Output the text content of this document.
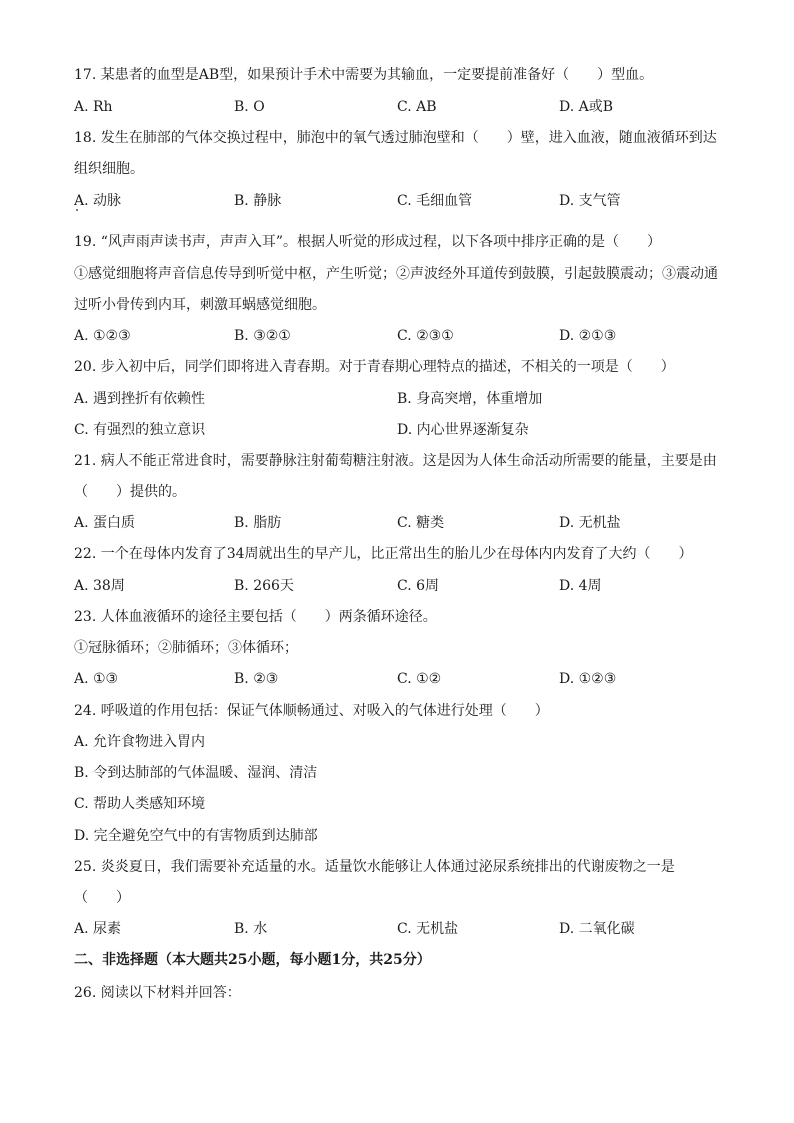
17. 某患者的血型是AB型，如果预计手术中需要为其输血，一定要提前准备好（　　）型血。
A. Rh	B. O	C. AB	D. A或B
18. 发生在肺部的气体交换过程中，肺泡中的氧气透过肺泡壁和（　　）壁，进入血液，随血液循环到达
组织细胞。
A. 动脉	B. 静脉	C. 毛细血管	D. 支气管
19. “风声雨声读书声，声声入耳”。根据人听觉的形成过程，以下各项中排序正确的是（　　）
①感觉细胞将声音信息传导到听觉中枢，产生听觉；②声波经外耳道传到鼓膜，引起鼓膜震动；③震动通
过听小骨传到内耳，刺激耳蜗感觉细胞。
A. ①②③	B. ③②①	C. ②③①	D. ②①③
20. 步入初中后，同学们即将进入青春期。对于青春期心理特点的描述，不相关的一项是（　　）
A. 遇到挫折有依赖性	B. 身高突增，体重增加
C. 有强烈的独立意识	D. 内心世界逐渐复杂
21. 病人不能正常进食时，需要静脉注射葡萄糖注射液。这是因为人体生命活动所需要的能量，主要是由
（　　）提供的。
A. 蛋白质	B. 脂肪	C. 糖类	D. 无机盐
22. 一个在母体内发育了34周就出生的早产儿，比正常出生的胎儿少在母体内内发育了大约（　　）
A. 38周	B. 266天	C. 6周	D. 4周
23. 人体血液循环的途径主要包括（　　）两条循环途径。
①冠脉循环；②肺循环；③体循环；
A. ①③	B. ②③	C. ①②	D. ①②③
24. 呼吸道的作用包括：保证气体顺畅通过、对吸入的气体进行处理（　　）
A. 允许食物进入胃内
B. 令到达肺部的气体温暖、湿润、清洁
C. 帮助人类感知环境
D. 完全避免空气中的有害物质到达肺部
25. 炎炎夏日，我们需要补充适量的水。适量饮水能够让人体通过泌尿系统排出的代谢废物之一是
（　　）
A. 尿素	B. 水	C. 无机盐	D. 二氧化碳
二、非选择题（本大题共25小题，每小题1分，共25分）
26. 阅读以下材料并回答：
